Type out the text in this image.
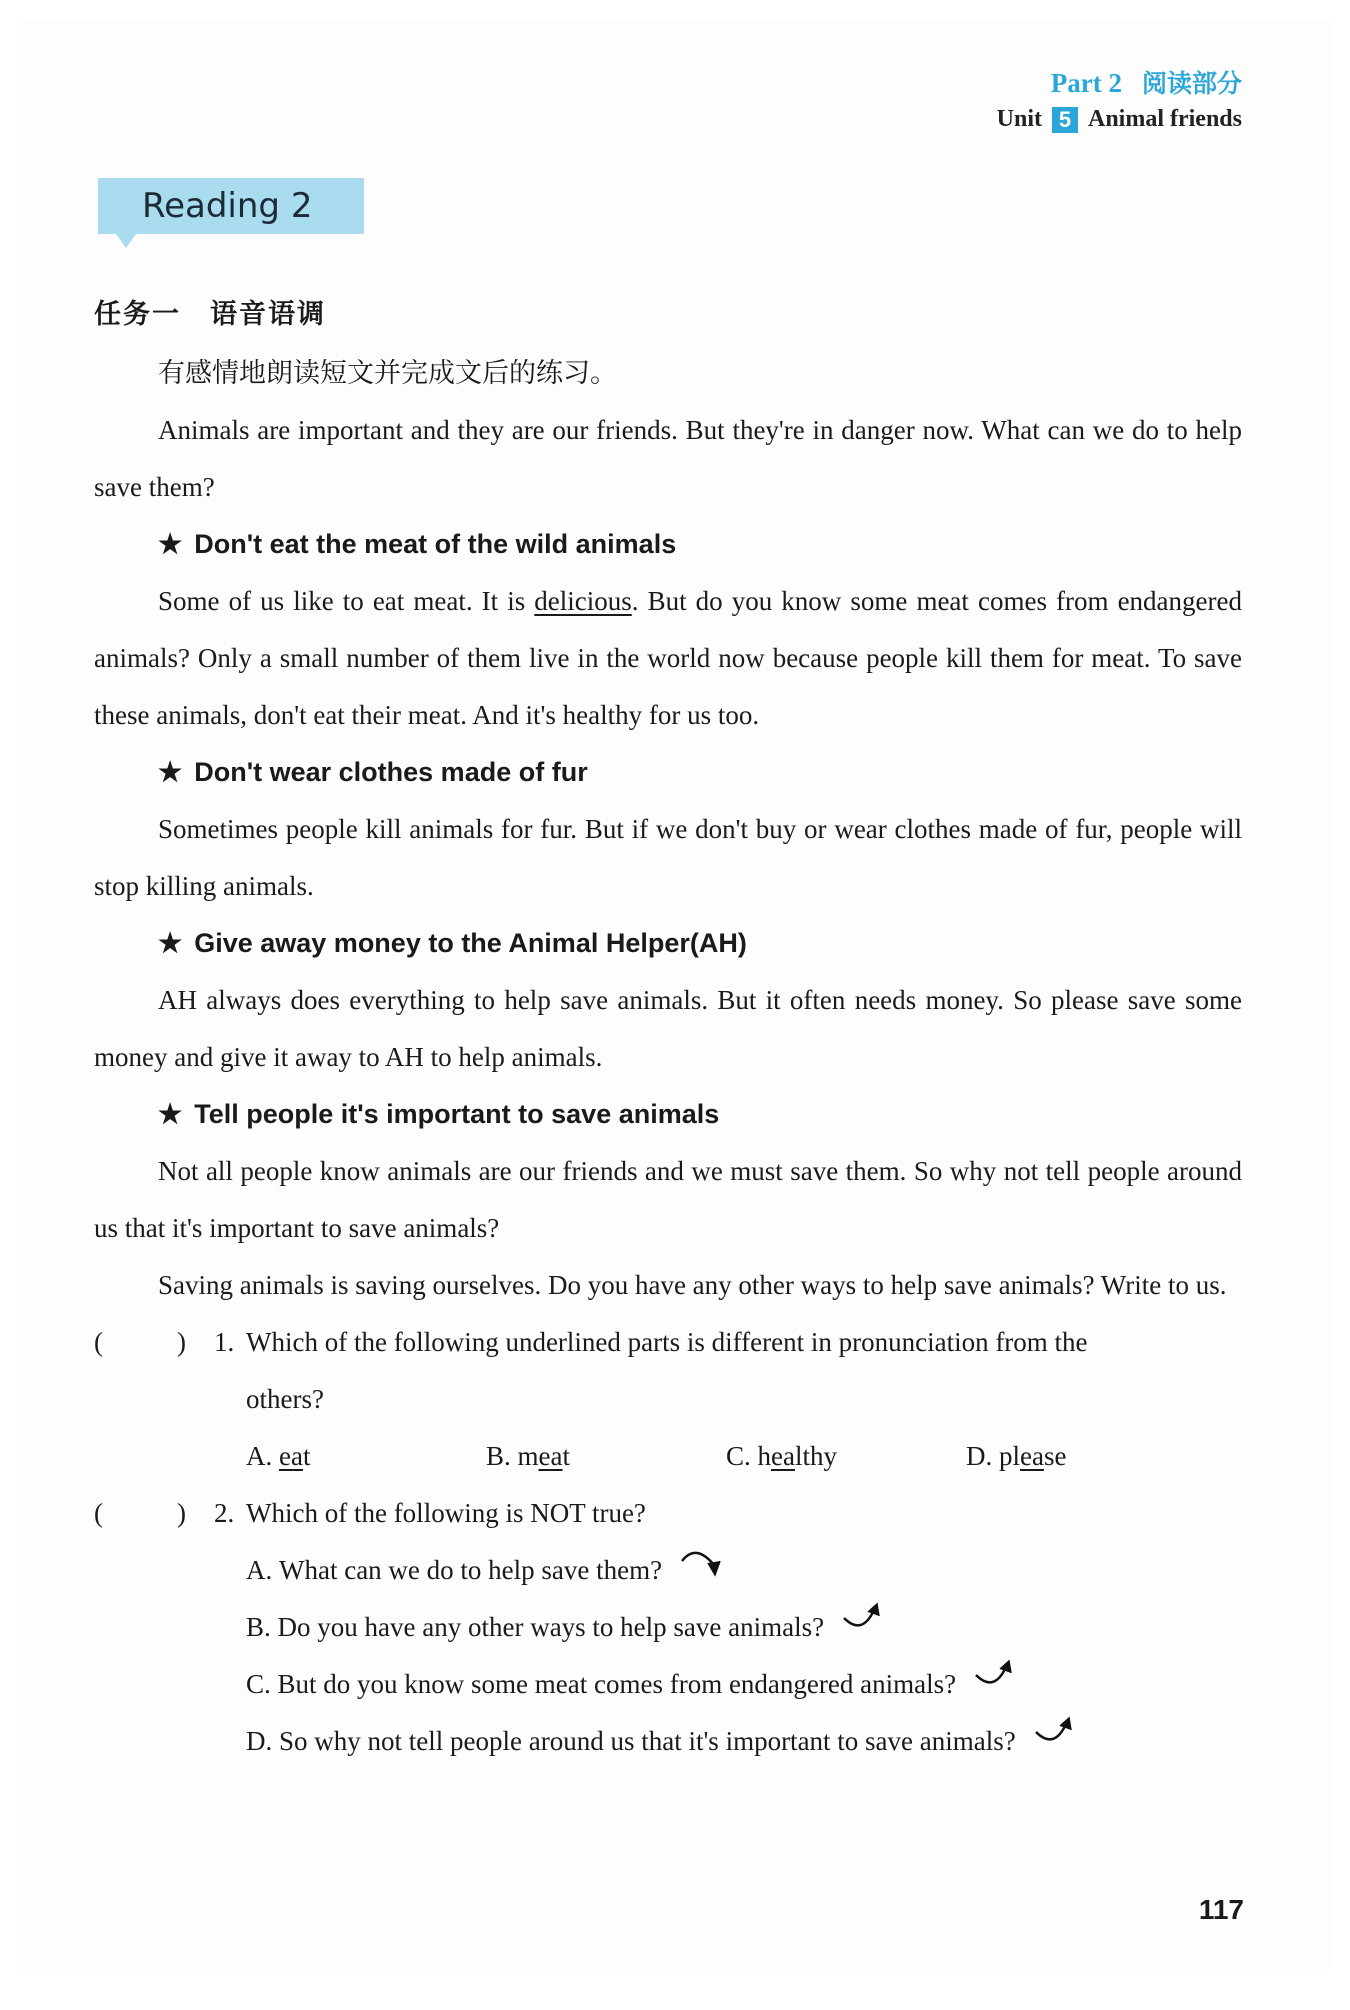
Part 2 阅读部分
Unit 5 Animal friends
Reading 2
任务一　语音语调

有感情地朗读短文并完成文后的练习。

Animals are important and they are our friends. But they're in danger now. What can we do to help save them?

★ Don't eat the meat of the wild animals

Some of us like to eat meat. It is delicious. But do you know some meat comes from endangered animals? Only a small number of them live in the world now because people kill them for meat. To save these animals, don't eat their meat. And it's healthy for us too.

★ Don't wear clothes made of fur

Sometimes people kill animals for fur. But if we don't buy or wear clothes made of fur, people will stop killing animals.

★ Give away money to the Animal Helper(AH)

AH always does everything to help save animals. But it often needs money. So please save some money and give it away to AH to help animals.

★ Tell people it's important to save animals

Not all people know animals are our friends and we must save them. So why not tell people around us that it's important to save animals?

Saving animals is saving ourselves. Do you have any other ways to help save animals? Write to us.

(	) 1. Which of the following underlined parts is different in pronunciation from the
others?
A. eat	B. meat	C. healthy	D. please
(	) 2. Which of the following is NOT true?
A.
What can we do to help save them?
B.
Do you have any other ways to help save animals?
C.
But do you know some meat comes from endangered animals?
D.
So why not tell people around us that it's important to save animals?
117
